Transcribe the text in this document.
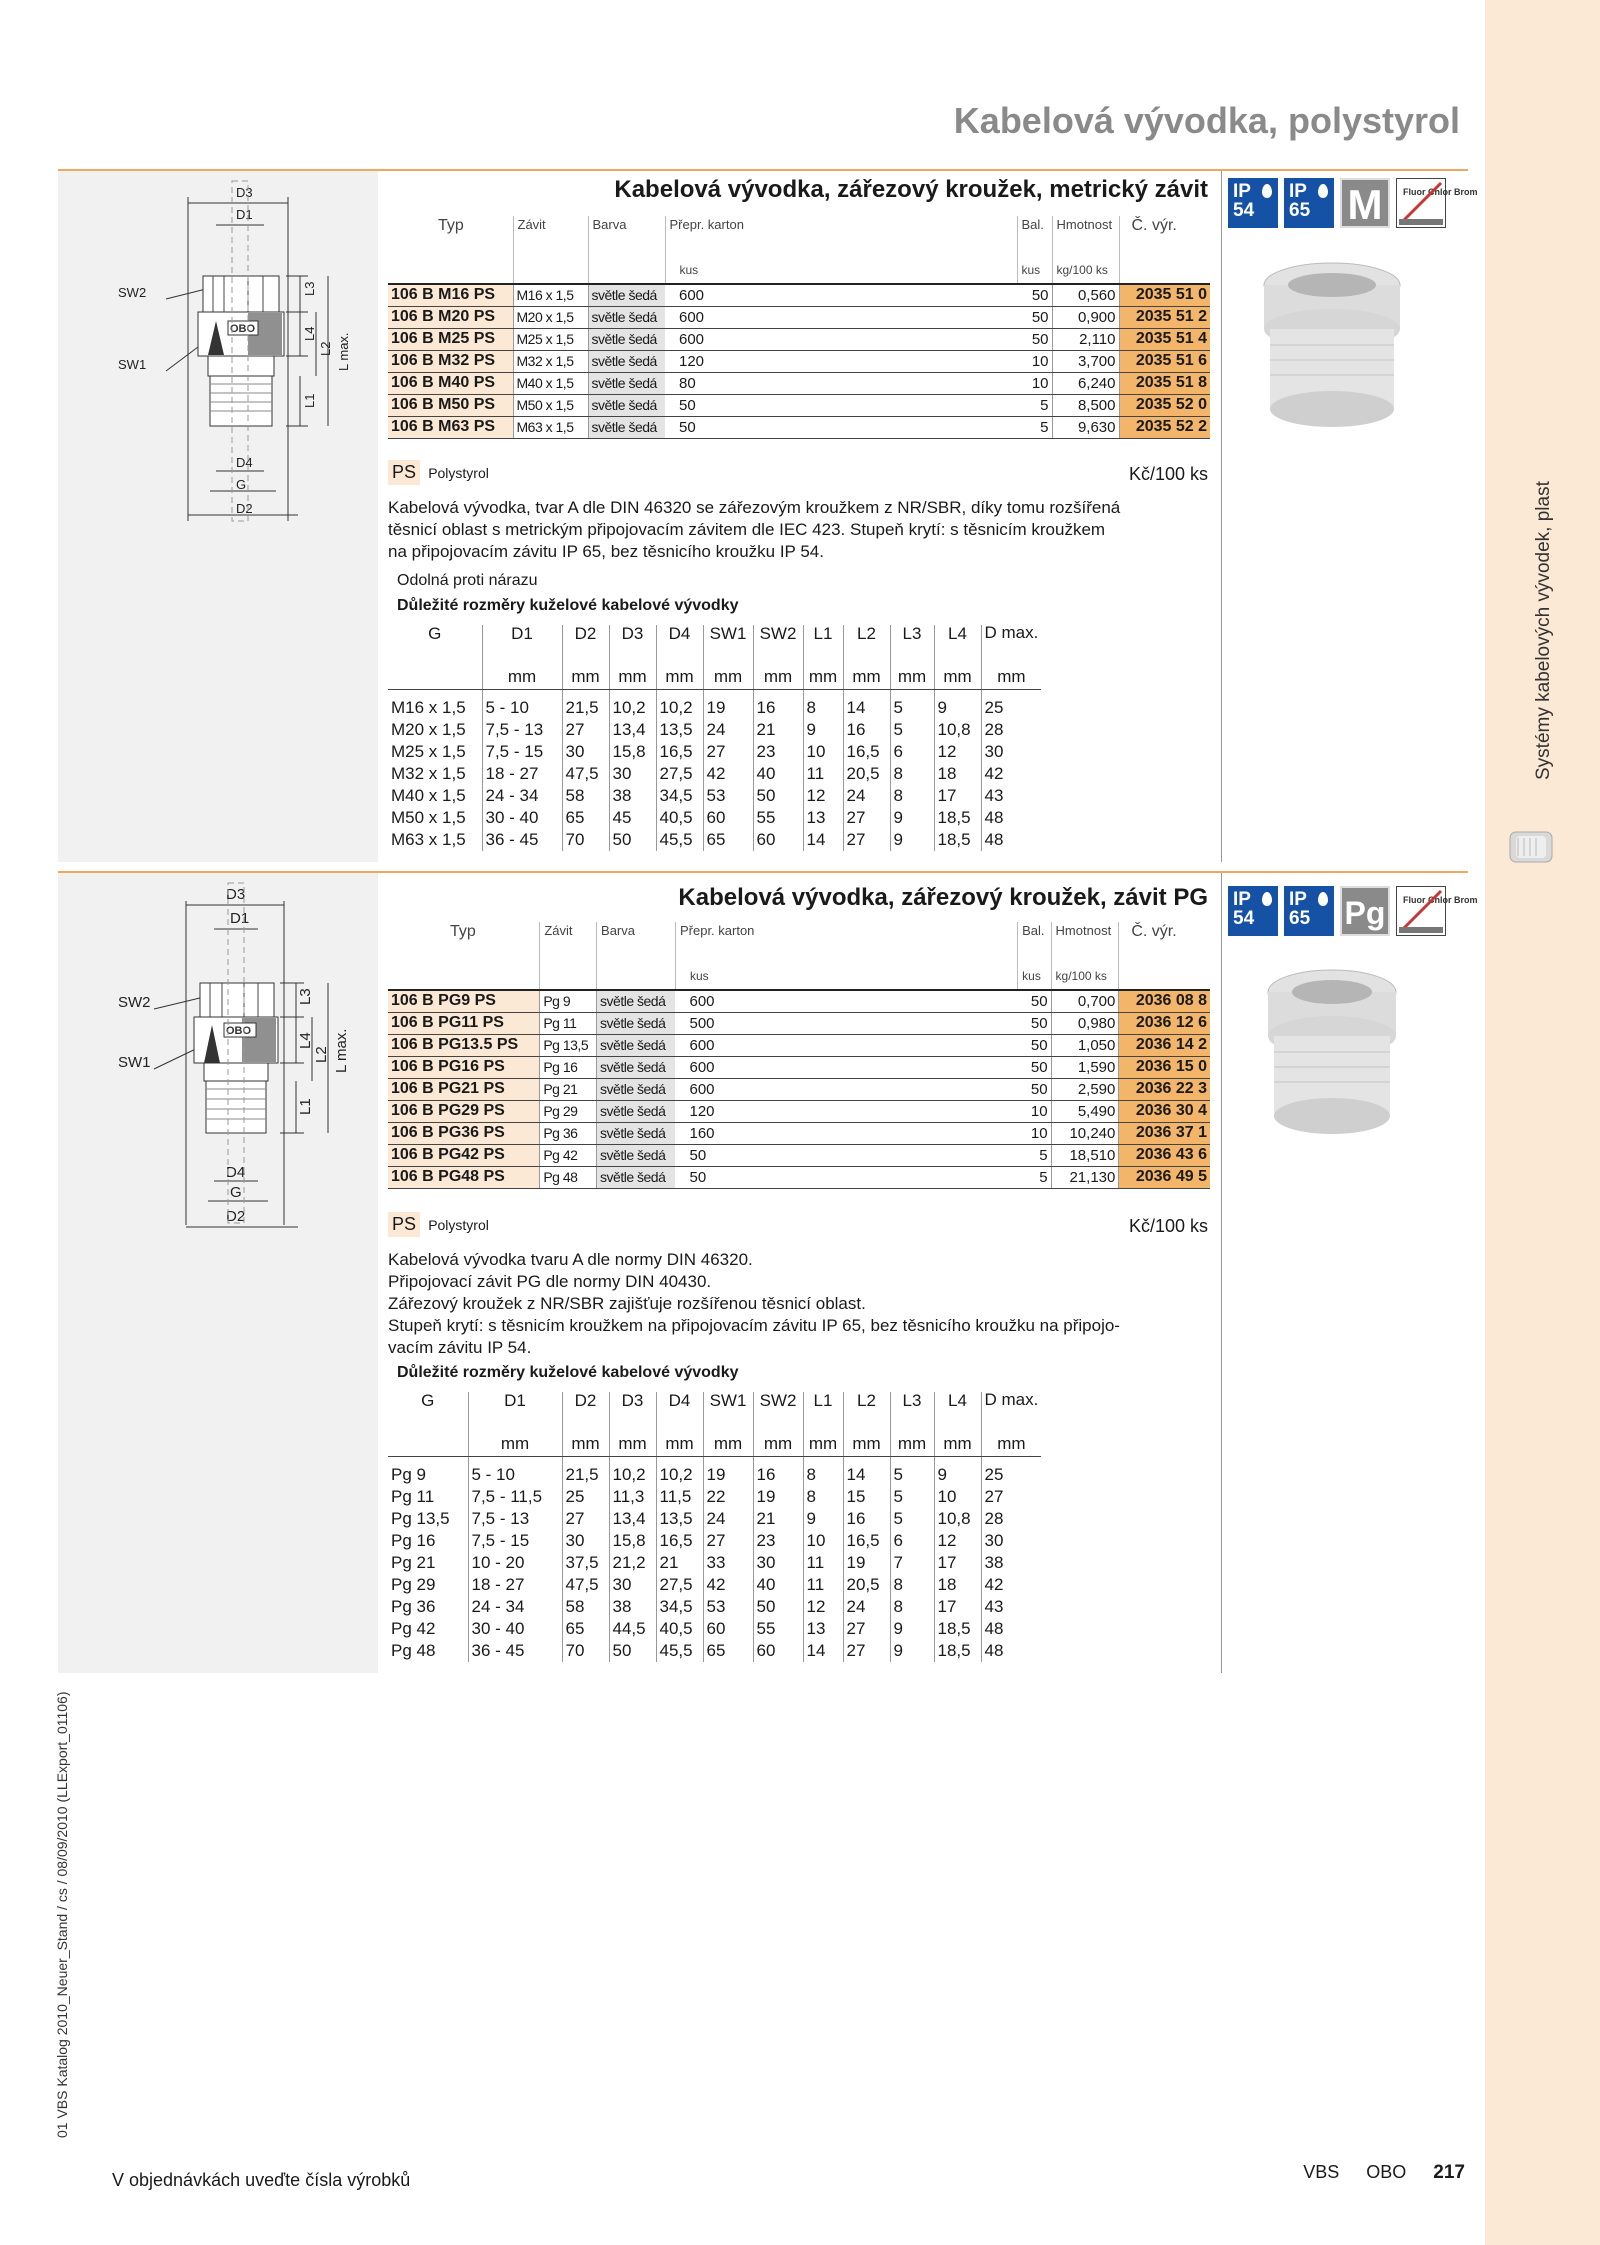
Systémy kabelových vývodek, plast
01 VBS Katalog 2010_Neuer_Stand / cs / 08/09/2010 (LLExport_01106)
Kabelová vývodka, polystyrol
D3
D1
SW2
SW1
D4
G
D2
OBO
L3
L4
L2 L max.
L1
Kabelová vývodka, zářezový kroužek, metrický závit IP
54
IP
65 M	Fluor Chlor Brom
Typ	Závit	Barva	Přepr. karton	Bal.	Hmotnost	Č. výr.
			kus	kus	kg/100 ks	
106 B M16 PS	M16 x 1,5	světle šedá	600	50	0,560	2035 51 0
106 B M20 PS	M20 x 1,5	světle šedá	600	50	0,900	2035 51 2
106 B M25 PS	M25 x 1,5	světle šedá	600	50	2,110	2035 51 4
106 B M32 PS	M32 x 1,5	světle šedá	120	10	3,700	2035 51 6
106 B M40 PS	M40 x 1,5	světle šedá	80	10	6,240	2035 51 8
106 B M50 PS	M50 x 1,5	světle šedá	50	5	8,500	2035 52 0
106 B M63 PS	M63 x 1,5	světle šedá	50	5	9,630	2035 52 2
PS Polystyrol	Kč/100 ks
Kabelová vývodka, tvar A dle DIN 46320 se zářezovým kroužkem z NR/SBR, díky tomu rozšířená
těsnicí oblast s metrickým připojovacím závitem dle IEC 423. Stupeň krytí: s těsnicím kroužkem
na připojovacím závitu IP 65, bez těsnicího kroužku IP 54.
Odolná proti nárazu
Důležité rozměry kuželové kabelové vývodky
G	D1	D2	D3	D4	SW1	SW2	L1	L2	L3	L4	D max.
	mm	mm	mm	mm	mm	mm	mm	mm	mm	mm	mm

M16 x 1,5	5 - 10	21,5	10,2	10,2	19	16	8	14	5	9	25
M20 x 1,5	7,5 - 13	27	13,4	13,5	24	21	9	16	5	10,8	28
M25 x 1,5	7,5 - 15	30	15,8	16,5	27	23	10	16,5	6	12	30
M32 x 1,5	18 - 27	47,5	30	27,5	42	40	11	20,5	8	18	42
M40 x 1,5	24 - 34	58	38	34,5	53	50	12	24	8	17	43
M50 x 1,5	30 - 40	65	45	40,5	60	55	13	27	9	18,5	48
M63 x 1,5	36 - 45	70	50	45,5	65	60	14	27	9	18,5	48
D3
D1
SW2
SW1
D4
G
D2
OBO
L3
L4
L2 L max.
L1
Kabelová vývodka, zářezový kroužek, závit PG IP
54
IP
65	Pg	Fluor Chlor Brom
Typ	Závit	Barva	Přepr. karton	Bal.	Hmotnost	Č. výr.
			kus	kus	kg/100 ks	
106 B PG9 PS	Pg 9	světle šedá	600	50	0,700	2036 08 8
106 B PG11 PS	Pg 11	světle šedá	500	50	0,980	2036 12 6
106 B PG13.5 PS	Pg 13,5	světle šedá	600	50	1,050	2036 14 2
106 B PG16 PS	Pg 16	světle šedá	600	50	1,590	2036 15 0
106 B PG21 PS	Pg 21	světle šedá	600	50	2,590	2036 22 3
106 B PG29 PS	Pg 29	světle šedá	120	10	5,490	2036 30 4
106 B PG36 PS	Pg 36	světle šedá	160	10	10,240	2036 37 1
106 B PG42 PS	Pg 42	světle šedá	50	5	18,510	2036 43 6
106 B PG48 PS	Pg 48	světle šedá	50	5	21,130	2036 49 5
PS Polystyrol	Kč/100 ks
Kabelová vývodka tvaru A dle normy DIN 46320.
Připojovací závit PG dle normy DIN 40430.
Zářezový kroužek z NR/SBR zajišťuje rozšířenou těsnicí oblast.
Stupeň krytí: s těsnicím kroužkem na připojovacím závitu IP 65, bez těsnicího kroužku na připojo-
vacím závitu IP 54.
Důležité rozměry kuželové kabelové vývodky
G	D1	D2	D3	D4	SW1	SW2	L1	L2	L3	L4	D max.
	mm	mm	mm	mm	mm	mm	mm	mm	mm	mm	mm

Pg 9	5 - 10	21,5	10,2	10,2	19	16	8	14	5	9	25
Pg 11	7,5 - 11,5	25	11,3	11,5	22	19	8	15	5	10	27
Pg 13,5	7,5 - 13	27	13,4	13,5	24	21	9	16	5	10,8	28
Pg 16	7,5 - 15	30	15,8	16,5	27	23	10	16,5	6	12	30
Pg 21	10 - 20	37,5	21,2	21	33	30	11	19	7	17	38
Pg 29	18 - 27	47,5	30	27,5	42	40	11	20,5	8	18	42
Pg 36	24 - 34	58	38	34,5	53	50	12	24	8	17	43
Pg 42	30 - 40	65	44,5	40,5	60	55	13	27	9	18,5	48
Pg 48	36 - 45	70	50	45,5	65	60	14	27	9	18,5	48
V objednávkách uveďte čísla výrobků	VBS OBO 217
